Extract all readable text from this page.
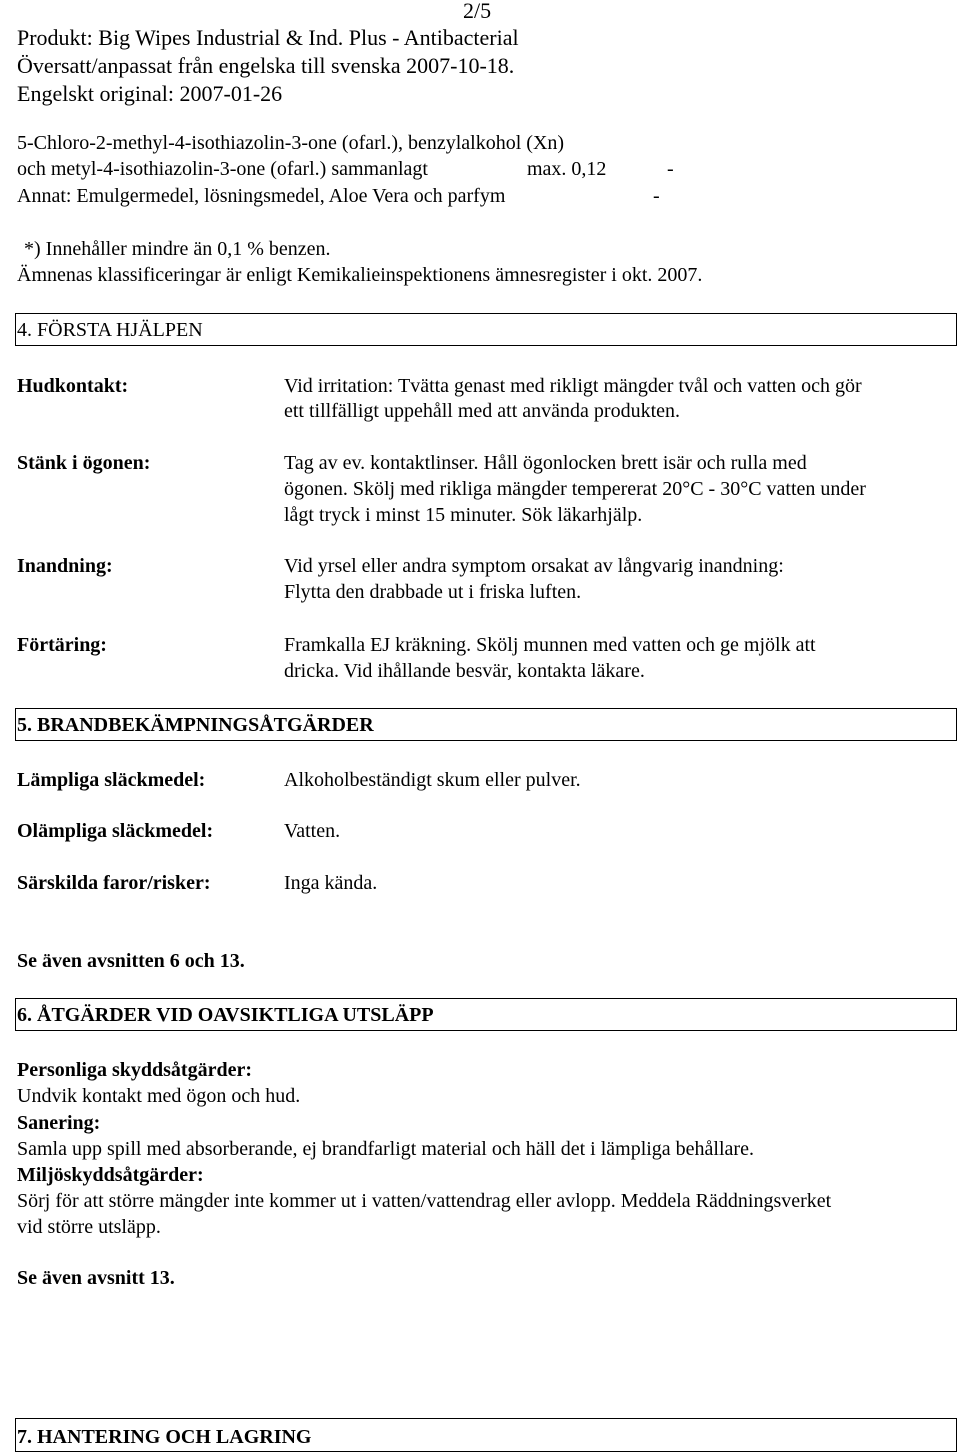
2/5
Produkt: Big Wipes Industrial & Ind. Plus - Antibacterial
Översatt/anpassat från engelska till svenska 2007-10-18.
Engelskt original: 2007-01-26
5-Chloro-2-methyl-4-isothiazolin-3-one (ofarl.), benzylalkohol (Xn)
och metyl-4-isothiazolin-3-one (ofarl.) sammanlagt	max. 0,12	-
Annat: Emulgermedel, lösningsmedel, Aloe Vera och parfym	-
*) Innehåller mindre än 0,1 % benzen.
Ämnenas klassificeringar är enligt Kemikalieinspektionens ämnesregister i okt. 2007.
4. FÖRSTA HJÄLPEN
Hudkontakt:	Vid irritation: Tvätta genast med rikligt mängder tvål och vatten och gör
ett tillfälligt uppehåll med att använda produkten.
Stänk i ögonen:	Tag av ev. kontaktlinser. Håll ögonlocken brett isär och rulla med
ögonen. Skölj med rikliga mängder tempererat 20°C - 30°C vatten under
lågt tryck i minst 15 minuter. Sök läkarhjälp.
Inandning:	Vid yrsel eller andra symptom orsakat av långvarig inandning:
Flytta den drabbade ut i friska luften.
Förtäring:	Framkalla EJ kräkning. Skölj munnen med vatten och ge mjölk att
dricka. Vid ihållande besvär, kontakta läkare.
5. BRANDBEKÄMPNINGSÅTGÄRDER
Lämpliga släckmedel:	Alkoholbeständigt skum eller pulver.
Olämpliga släckmedel:	Vatten.
Särskilda faror/risker:	Inga kända.
Se även avsnitten 6 och 13.
6. ÅTGÄRDER VID OAVSIKTLIGA UTSLÄPP
Personliga skyddsåtgärder:
Undvik kontakt med ögon och hud.
Sanering:
Samla upp spill med absorberande, ej brandfarligt material och häll det i lämpliga behållare.
Miljöskyddsåtgärder:
Sörj för att större mängder inte kommer ut i vatten/vattendrag eller avlopp. Meddela Räddningsverket
vid större utsläpp.
Se även avsnitt 13.
7. HANTERING OCH LAGRING
